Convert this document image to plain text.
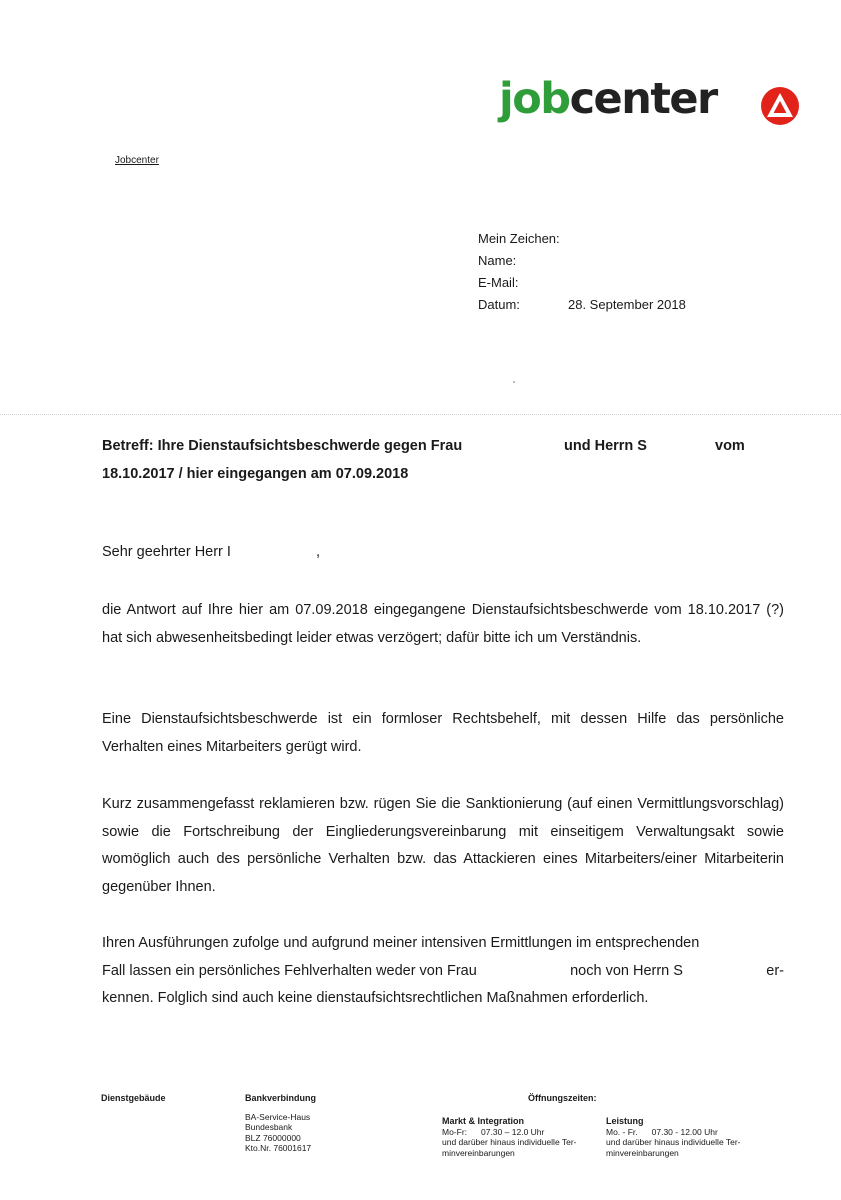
jobcenter
Jobcenter
Mein Zeichen:
Name:
E-Mail:
Datum:	28. September 2018
Betreff: Ihre Dienstaufsichtsbeschwerde gegen Frau	und Herrn S	vom
18.10.2017 / hier eingegangen am 07.09.2018
Sehr geehrter Herr I	,

die Antwort auf Ihre hier am 07.09.2018 eingegangene Dienstaufsichtsbeschwerde vom 18.10.2017 (?) hat sich abwesenheitsbedingt leider etwas verzögert; dafür bitte ich um Verständnis.

Eine Dienstaufsichtsbeschwerde ist ein formloser Rechtsbehelf, mit dessen Hilfe das persönliche Verhalten eines Mitarbeiters gerügt wird.

Kurz zusammengefasst reklamieren bzw. rügen Sie die Sanktionierung (auf einen Vermittlungsvorschlag) sowie die Fortschreibung der Eingliederungsvereinbarung mit einseitigem Verwaltungsakt sowie womöglich auch des persönliche Verhalten bzw. das Attackieren eines Mitarbeiters/einer Mitarbeiterin gegenüber Ihnen.

Ihren Ausführungen zufolge und aufgrund meiner intensiven Ermittlungen im entsprechenden
Fall lassen ein persönliches Fehlverhalten weder von Frau	noch von Herrn S	er-
kennen. Folglich sind auch keine dienstaufsichtsrechtlichen Maßnahmen erforderlich.
Dienstgebäude	Bankverbindung
BA-Service-Haus
Bundesbank
BLZ 76000000
Kto.Nr. 76001617
Öffnungszeiten:
Markt & Integration
Mo-Fr: 07.30 – 12.0 Uhr
und darüber hinaus individuelle Ter-
minvereinbarungen
Leistung
Mo. - Fr. 07.30 - 12.00 Uhr
und darüber hinaus individuelle Ter-
minvereinbarungen
